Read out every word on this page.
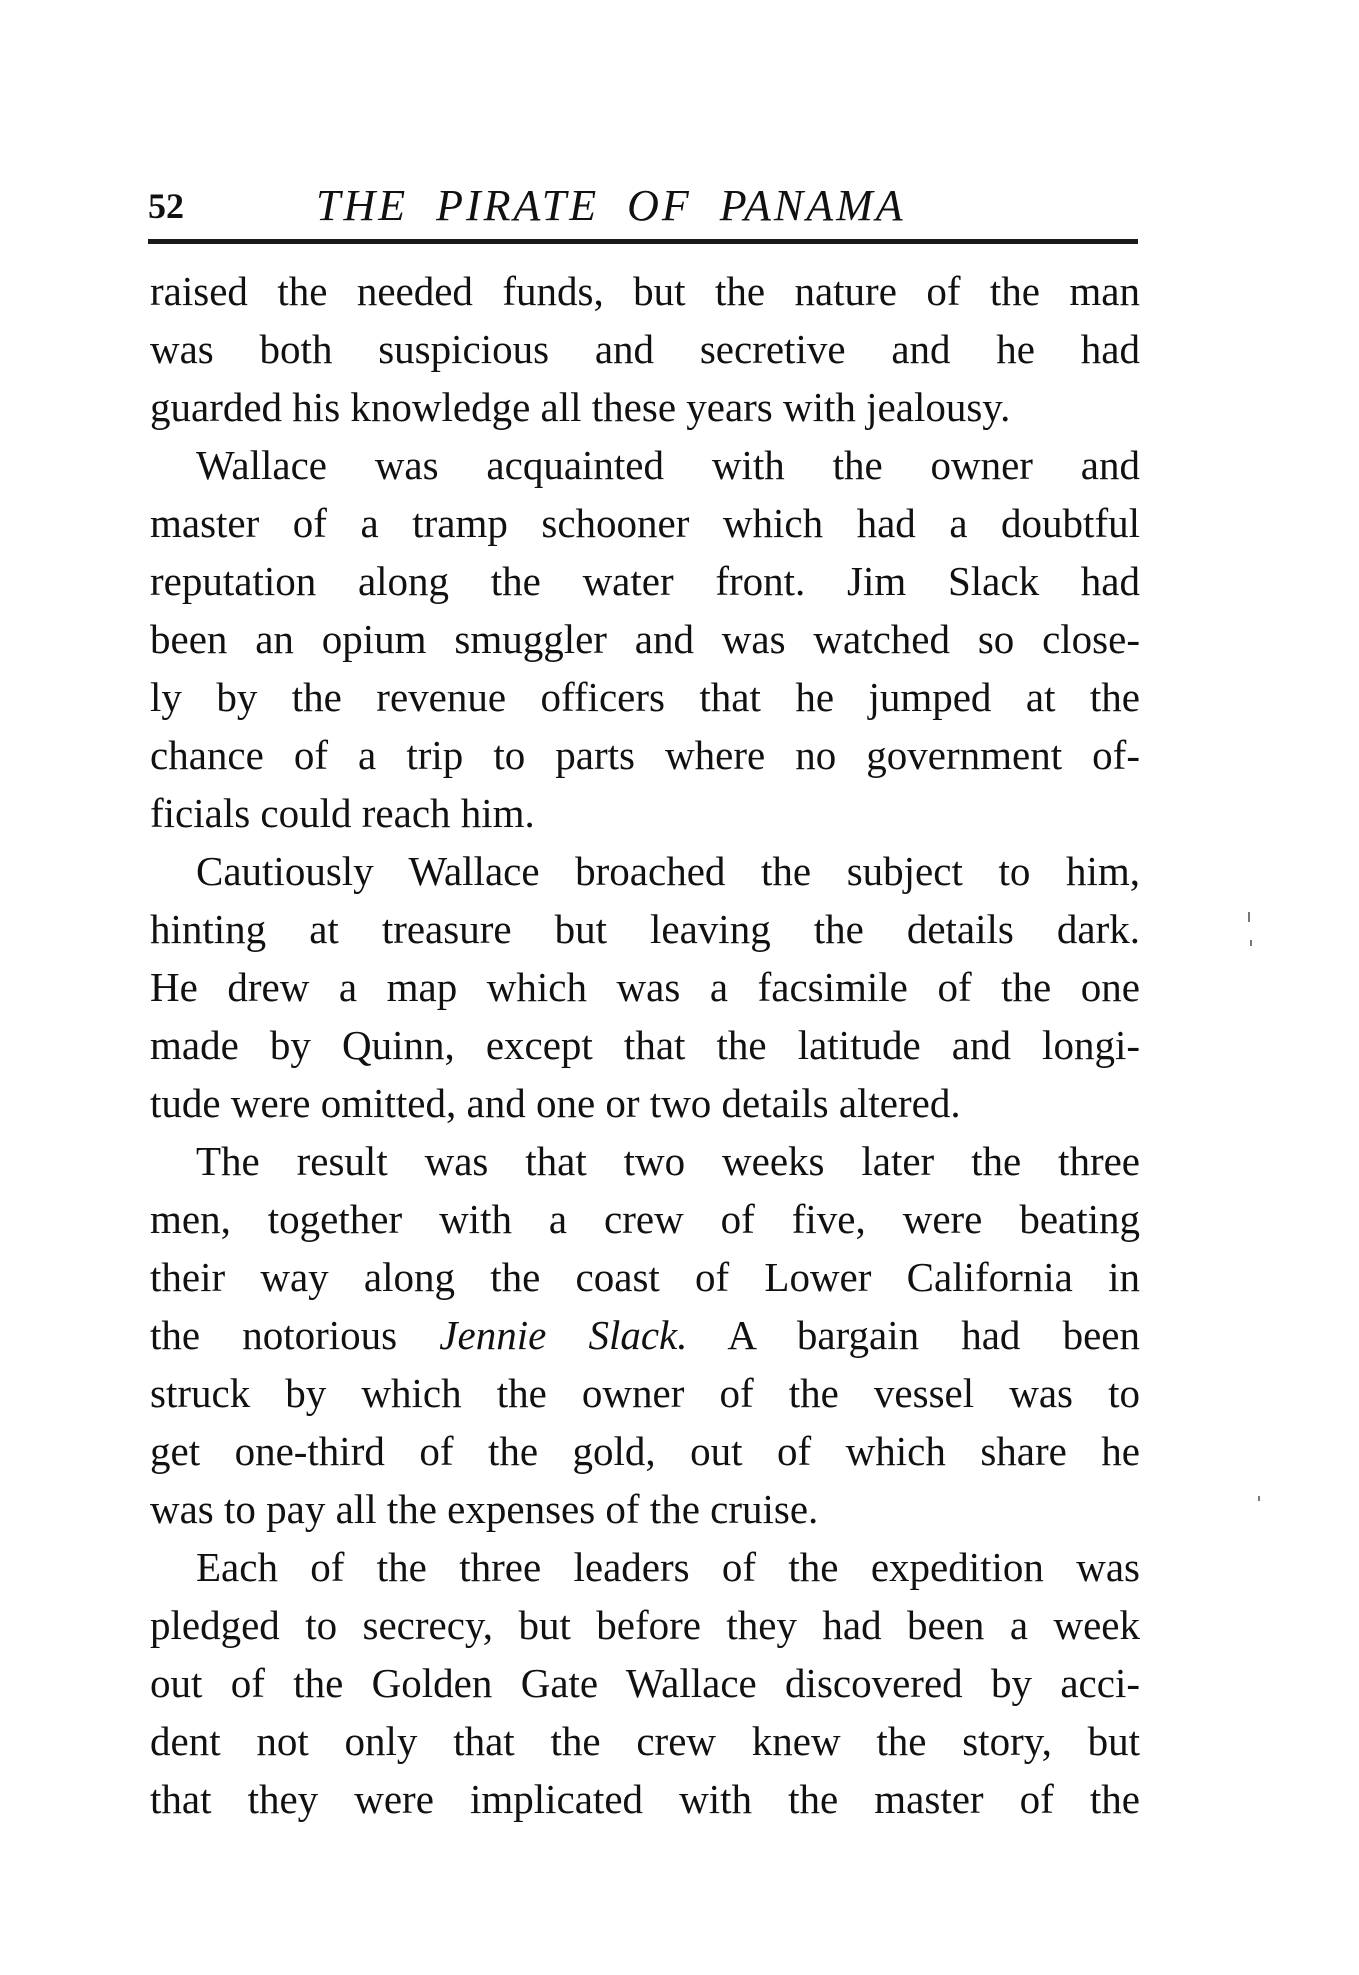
52	THE PIRATE OF PANAMA
raised the needed funds, but the nature of the man
was both suspicious and secretive and he had
guarded his knowledge all these years with jealousy.
Wallace was acquainted with the owner and
master of a tramp schooner which had a doubtful
reputation along the water front. Jim Slack had
been an opium smuggler and was watched so close-
ly by the revenue officers that he jumped at the
chance of a trip to parts where no government of-
ficials could reach him.
Cautiously Wallace broached the subject to him,
hinting at treasure but leaving the details dark.
He drew a map which was a facsimile of the one
made by Quinn, except that the latitude and longi-
tude were omitted, and one or two details altered.
The result was that two weeks later the three
men, together with a crew of five, were beating
their way along the coast of Lower California in
the notorious Jennie Slack. A bargain had been
struck by which the owner of the vessel was to
get one-third of the gold, out of which share he
was to pay all the expenses of the cruise.
Each of the three leaders of the expedition was
pledged to secrecy, but before they had been a week
out of the Golden Gate Wallace discovered by acci-
dent not only that the crew knew the story, but
that they were implicated with the master of the
